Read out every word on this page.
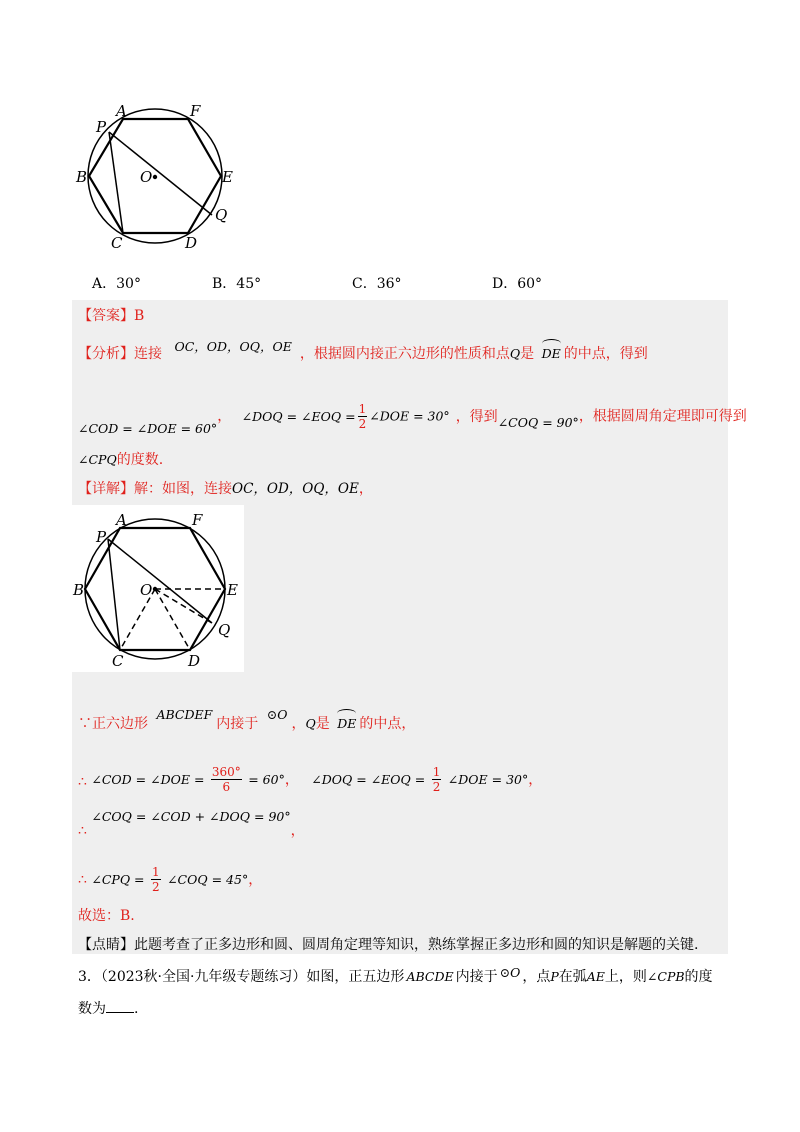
A	F
P
B	O	E
Q
C	D
A．30°	B．45°	C．36°	D．60°
【答案】B
【分析】连接 OC，OD，OQ，OE ，根据圆内接正六边形的性质和点Q是 DE 的中点，得到
∠COD = ∠DOE = 60°， ∠DOQ = ∠EOQ = $\frac{1}{2}$ ∠DOE = 30° ，得到∠COQ = 90°，根据圆周角定理即可得到
∠CPQ的度数.
【详解】解：如图，连接OC，OD，OQ，OE，
A	F
P
B	O	E
Q
C	D
∵正六边形 ABCDEF内接于 ⊙O，Q是 DE 的中点，
∴ ∠COD = ∠DOE = $\frac{360^\circ}{6} = 60^\circ$， ∠DOQ = ∠EOQ = $\frac{1}{2}$ ∠DOE = 30°，
∴ ∠COQ = ∠COD + ∠DOQ = 90°，
∴ ∠CPQ = $\frac{1}{2}$ ∠COQ = 45°，
故选：B.
【点睛】此题考查了正多边形和圆、圆周角定理等知识，熟练掌握正多边形和圆的知识是解题的关键.
3．（2023秋·全国·九年级专题练习）如图，正五边形 ABCDE 内接于 ⊙O ，点P在弧AE上，则∠CPB的度
数为 .
